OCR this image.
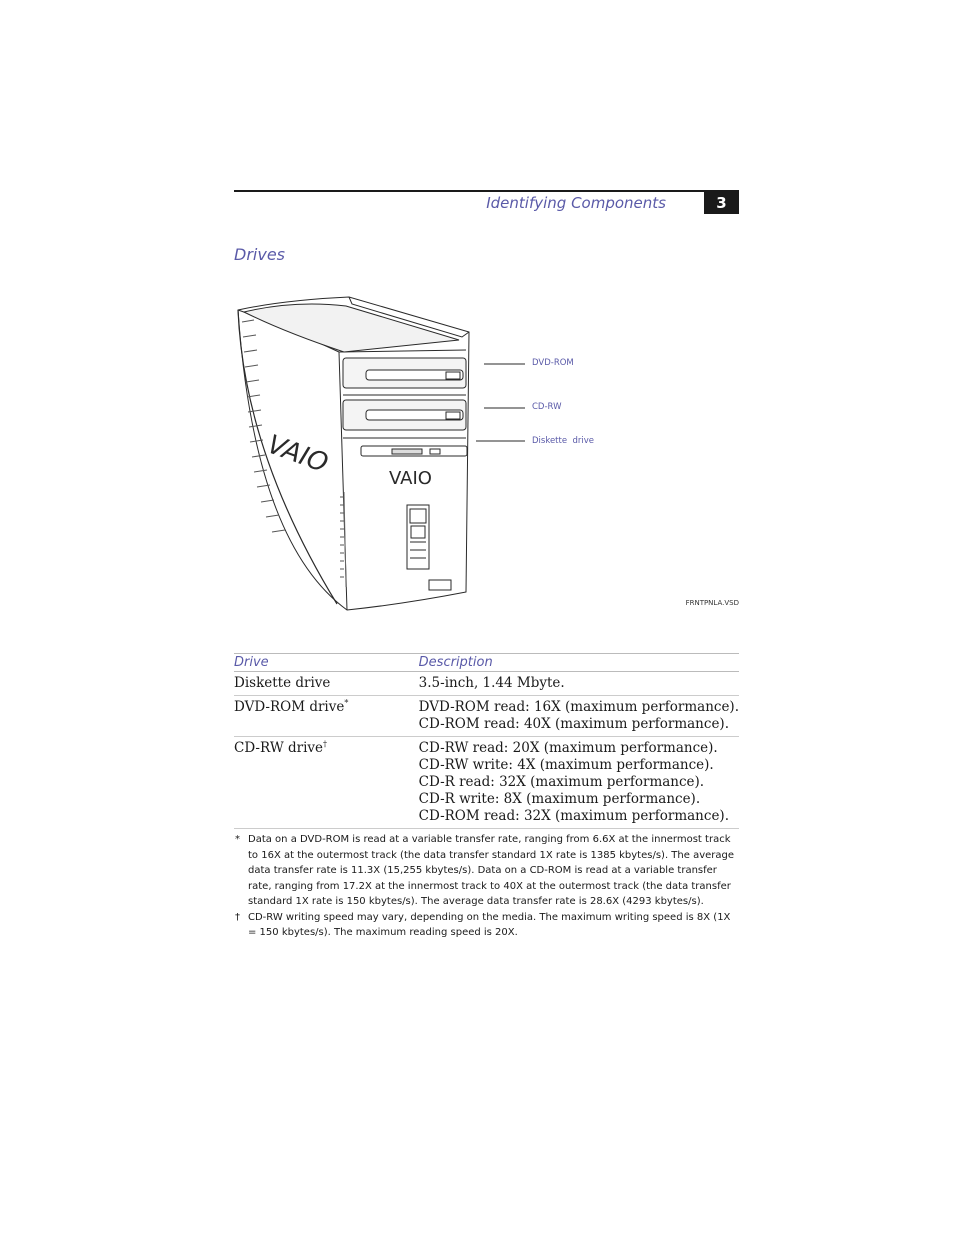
Identifying Components	3
Drives
VAIO	VAIO
DVD-ROM
CD-RW
Diskette  drive
FRNTPNLA.VSD
Drive	Description
Diskette drive	3.5-inch, 1.44 Mbyte.

DVD-ROM drive*	DVD-ROM read: 16X (maximum performance).
CD-ROM read: 40X (maximum performance).

CD-RW drive†	CD-RW read: 20X (maximum performance).
CD-RW write: 4X (maximum performance).
CD-R read: 32X (maximum performance).
CD-R write: 8X (maximum performance).
CD-ROM read: 32X (maximum performance).

* Data on a DVD-ROM is read at a variable transfer rate, ranging from 6.6X at the innermost track to 16X at the outermost track (the data transfer standard 1X rate is 1385 kbytes/s). The average data transfer rate is 11.3X (15,255 kbytes/s). Data on a CD-ROM is read at a variable transfer rate, ranging from 17.2X at the innermost track to 40X at the outermost track (the data transfer standard 1X rate is 150 kbytes/s). The average data transfer rate is 28.6X (4293 kbytes/s).

† CD-RW writing speed may vary, depending on the media. The maximum writing speed is 8X (1X = 150 kbytes/s). The maximum reading speed is 20X.
